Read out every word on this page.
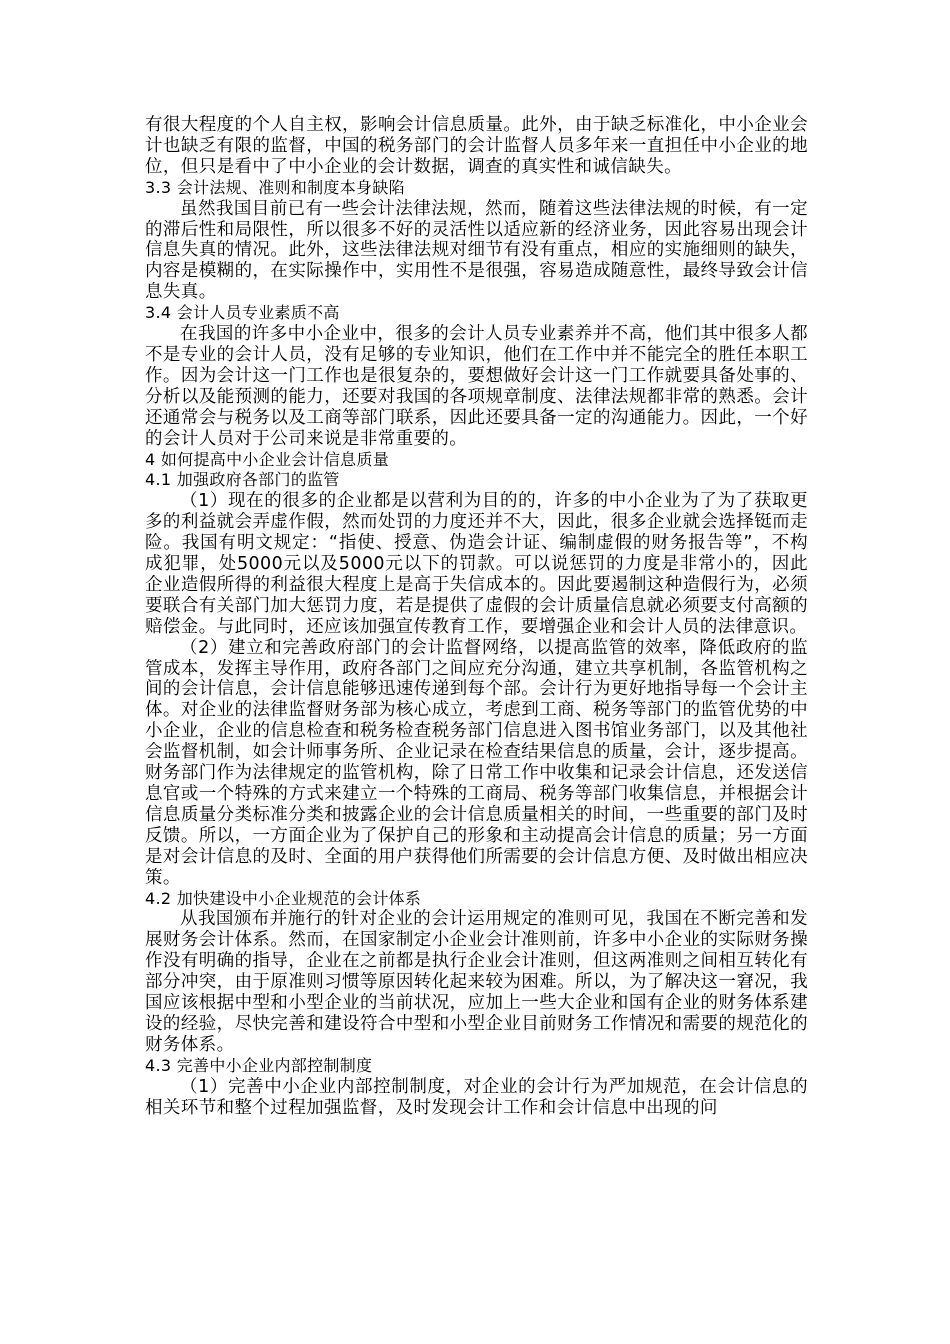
有很大程度的个人自主权，影响会计信息质量。此外，由于缺乏标准化，中小企业会计也缺乏有限的监督，中国的税务部门的会计监督人员多年来一直担任中小企业的地位，但只是看中了中小企业的会计数据，调查的真实性和诚信缺失。

3.3 会计法规、准则和制度本身缺陷

虽然我国目前已有一些会计法律法规，然而，随着这些法律法规的时候，有一定的滞后性和局限性，所以很多不好的灵活性以适应新的经济业务，因此容易出现会计信息失真的情况。此外，这些法律法规对细节有没有重点，相应的实施细则的缺失，内容是模糊的，在实际操作中，实用性不是很强，容易造成随意性，最终导致会计信息失真。

3.4 会计人员专业素质不高

在我国的许多中小企业中，很多的会计人员专业素养并不高，他们其中很多人都不是专业的会计人员，没有足够的专业知识，他们在工作中并不能完全的胜任本职工作。因为会计这一门工作也是很复杂的，要想做好会计这一门工作就要具备处事的、分析以及能预测的能力，还要对我国的各项规章制度、法律法规都非常的熟悉。会计还通常会与税务以及工商等部门联系，因此还要具备一定的沟通能力。因此，一个好的会计人员对于公司来说是非常重要的。

4 如何提高中小企业会计信息质量

4.1 加强政府各部门的监管

（1）现在的很多的企业都是以营利为目的的，许多的中小企业为了为了获取更多的利益就会弄虚作假，然而处罚的力度还并不大，因此，很多企业就会选择铤而走险。我国有明文规定：“指使、授意、伪造会计证、编制虚假的财务报告等”，不构成犯罪，处5000元以及5000元以下的罚款。可以说惩罚的力度是非常小的，因此企业造假所得的利益很大程度上是高于失信成本的。因此要遏制这种造假行为，必须要联合有关部门加大惩罚力度，若是提供了虚假的会计质量信息就必须要支付高额的赔偿金。与此同时，还应该加强宣传教育工作，要增强企业和会计人员的法律意识。

（2）建立和完善政府部门的会计监督网络，以提高监管的效率，降低政府的监管成本，发挥主导作用，政府各部门之间应充分沟通，建立共享机制，各监管机构之间的会计信息，会计信息能够迅速传递到每个部。会计行为更好地指导每一个会计主体。对企业的法律监督财务部为核心成立，考虑到工商、税务等部门的监管优势的中小企业，企业的信息检查和税务检查税务部门信息进入图书馆业务部门，以及其他社会监督机制，如会计师事务所、企业记录在检查结果信息的质量，会计，逐步提高。财务部门作为法律规定的监管机构，除了日常工作中收集和记录会计信息，还发送信息官或一个特殊的方式来建立一个特殊的工商局、税务等部门收集信息，并根据会计信息质量分类标准分类和披露企业的会计信息质量相关的时间，一些重要的部门及时反馈。所以，一方面企业为了保护自己的形象和主动提高会计信息的质量；另一方面是对会计信息的及时、全面的用户获得他们所需要的会计信息方便、及时做出相应决策。

4.2 加快建设中小企业规范的会计体系

从我国颁布并施行的针对企业的会计运用规定的准则可见，我国在不断完善和发展财务会计体系。然而，在国家制定小企业会计准则前，许多中小企业的实际财务操作没有明确的指导，企业在之前都是执行企业会计准则，但这两准则之间相互转化有部分冲突，由于原准则习惯等原因转化起来较为困难。所以，为了解决这一窘况，我国应该根据中型和小型企业的当前状况，应加上一些大企业和国有企业的财务体系建设的经验，尽快完善和建设符合中型和小型企业目前财务工作情况和需要的规范化的财务体系。

4.3 完善中小企业内部控制制度

（1）完善中小企业内部控制制度，对企业的会计行为严加规范，在会计信息的相关环节和整个过程加强监督，及时发现会计工作和会计信息中出现的问
